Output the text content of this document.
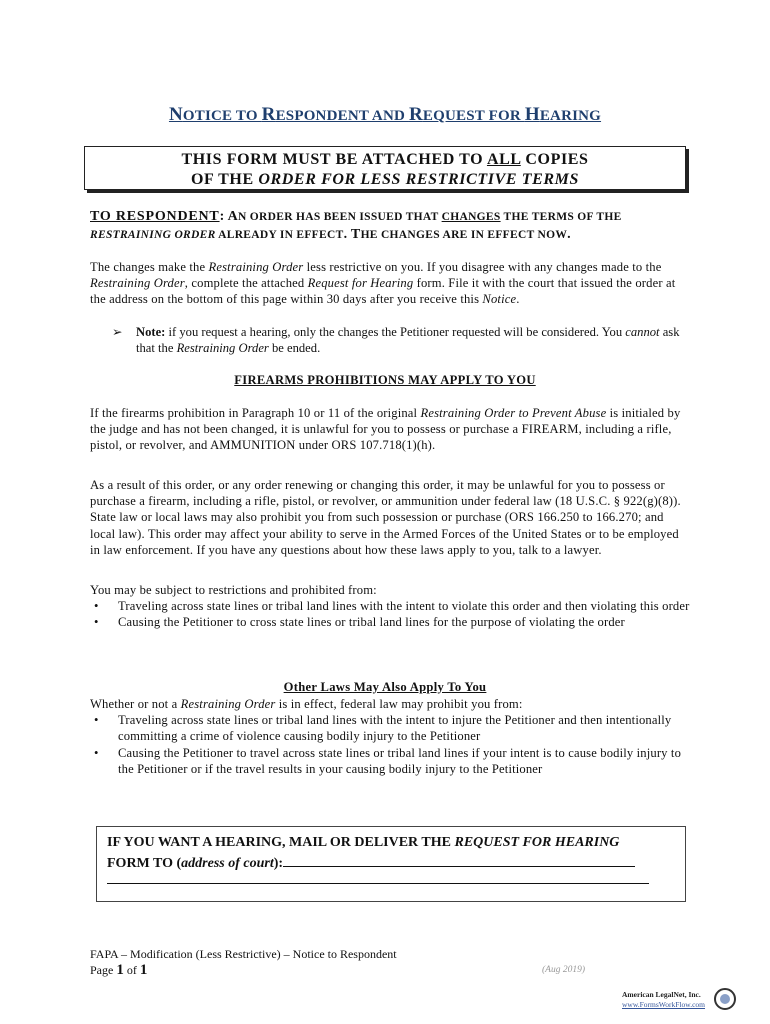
NOTICE TO RESPONDENT AND REQUEST FOR HEARING
THIS FORM MUST BE ATTACHED TO ALL COPIES
OF THE ORDER FOR LESS RESTRICTIVE TERMS
TO RESPONDENT: AN ORDER HAS BEEN ISSUED THAT CHANGES THE TERMS OF THE
RESTRAINING ORDER ALREADY IN EFFECT. THE CHANGES ARE IN EFFECT NOW.
The changes make the Restraining Order less restrictive on you. If you disagree with any changes made to the Restraining Order, complete the attached Request for Hearing form. File it with the court that issued the order at the address on the bottom of this page within 30 days after you receive this Notice.
➢ Note: if you request a hearing, only the changes the Petitioner requested will be considered. You cannot ask that the Restraining Order be ended.
FIREARMS PROHIBITIONS MAY APPLY TO YOU
If the firearms prohibition in Paragraph 10 or 11 of the original Restraining Order to Prevent Abuse is initialed by the judge and has not been changed, it is unlawful for you to possess or purchase a FIREARM, including a rifle, pistol, or revolver, and AMMUNITION under ORS 107.718(1)(h).
As a result of this order, or any order renewing or changing this order, it may be unlawful for you to possess or purchase a firearm, including a rifle, pistol, or revolver, or ammunition under federal law (18 U.S.C. § 922(g)(8)). State law or local laws may also prohibit you from such possession or purchase (ORS 166.250 to 166.270; and local law). This order may affect your ability to serve in the Armed Forces of the United States or to be employed in law enforcement. If you have any questions about how these laws apply to you, talk to a lawyer.
You may be subject to restrictions and prohibited from:
• Traveling across state lines or tribal land lines with the intent to violate this order and then violating this order
• Causing the Petitioner to cross state lines or tribal land lines for the purpose of violating the order
Other Laws May Also Apply To You
Whether or not a Restraining Order is in effect, federal law may prohibit you from:
• Traveling across state lines or tribal land lines with the intent to injure the Petitioner and then intentionally committing a crime of violence causing bodily injury to the Petitioner
• Causing the Petitioner to travel across state lines or tribal land lines if your intent is to cause bodily injury to the Petitioner or if the travel results in your causing bodily injury to the Petitioner
IF YOU WANT A HEARING, MAIL OR DELIVER THE REQUEST FOR HEARING
FORM TO (address of court):
FAPA – Modification (Less Restrictive) – Notice to Respondent
Page 1 of 1	(Aug 2019)
American LegalNet, Inc.
www.FormsWorkFlow.com
